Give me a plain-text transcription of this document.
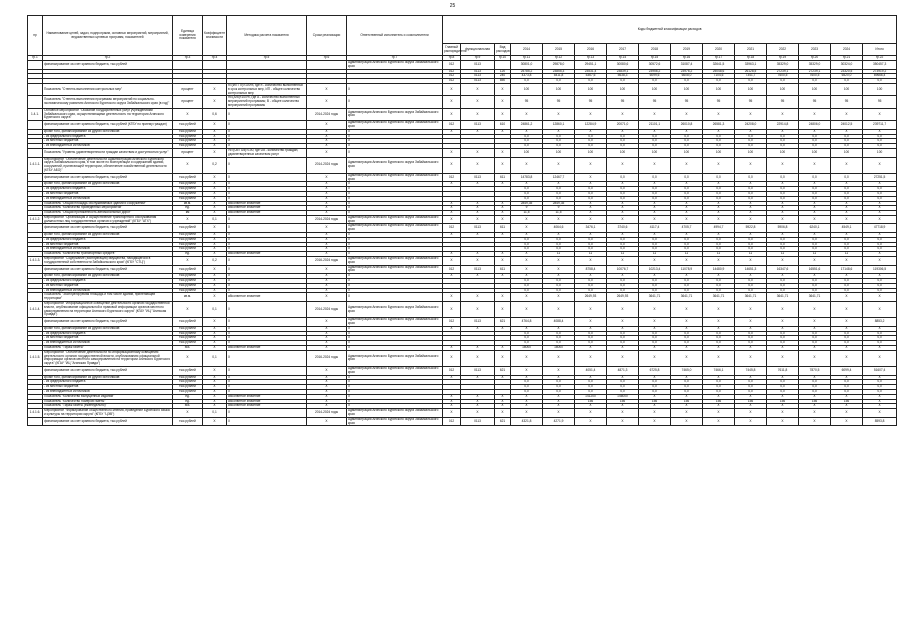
25
пр	Наименование целей, задач, подпрограмм, основных мероприятий, мероприятий, ведомственных целевых программ, показателей	Единица измерения показателя	Коэффициент значимости	Методика расчета показателя	Сроки реализации	Ответственный исполнитель и соисполнители	Коды бюджетной классификации расходов														
							Главный распорядитель	функциональная	Вид расходов	2014	2015	2016	2017	2018	2019	2020	2021	2022	2023	2024	Итого
гр.1	гр.2	гр.3	гр.4	гр.5	гр.6	гр.7	гр.8	гр.9	гр.10	гр.11	гр.12	гр.13	гр.14	гр.15	гр.16	гр.17	гр.18	гр.19	гр.20	гр.21	гр.22
	финансирование за счет краевого бюджета, тыс.рублей					Администрация Агинского Бурятского округа Забайкальского края	012	0113		30801,0	29878,0	29451,1	30080,6	30572,6	31087,4	32641,5	33963,1	35329,0	35329,0	30324,0	350457,3
							012	0113	120	25785,2	23855,3	23531,4	23839,1	23956,2	23976,2	25048,6	26128,5	27239,1	27239,1	23320,5	273919,2
							012	0113	240	4373,8	5411,8	5367,6	5638,3	6099,6	6608,0	7104,6	7341,7	7600,5	7600,5	6520,0	69666,4
							012	0113	850	0,0	0,0	0,0	0,0	0,0	0,0	0,0	0,0	0,0	0,0	0,0	0,0
	Показатель "Степень выполнения контрольных мер"	процент	X	n=(ИП / П)×100%, где п - количество выполненных в срок контрольных мер, ИП - общее количество контрольных мер	X	X	X	X	X	100	100	100	100	100	100	100	100	100	100	100	100
	Показатель "Степень выполнения программы мероприятий по социально-экономическому развитию Агинского Бурятского округа Забайкальского края (в год)"	процент	X	m=(A/B)×100%, где А - количество выполненных мероприятий программы; В - общее количество мероприятий программы	X	X	X	X	X	95	95	95	95	95	95	95	95	95	95	95	95
1.4.1.	Основное мероприятие "Оказание государственных услуг учреждениями Забайкальского края, осуществляющими деятельность на территории Агинского Бурятского округа"	X	0,6	X	2014-2024 годы	Администрация Агинского Бурятского округа Забайкальского края	X	X	X	X	X	X	X	X	X	X	X	X	X	X	X
	финансирование за счет краевого бюджета, тыс.рублей (КГБУ по приему граждан)	тыс.рублей	X	X	X	Администрация Агинского Бурятского округа Забайкальского края	012	0113	610	24861,2	12860,1	12284,9	20071,0	21101,1	26010,8	26581,3	24208,0	22914,8	24806,0	24012,5	239711,7
	кроме того, финансирование из других источников:	тыс.рублей	X	X	X	X	X	X	X	X	X	X	X	X	X	X	X	X	X	X	X
	- из федерального бюджета	тыс.рублей	X	X	X	X				0,0	0,0	0,0	0,0	0,0	0,0	0,0	0,0	0,0	0,0	0,0	0,0
	- из местных бюджетов	тыс.рублей	X	X	X	X				0,0	0,0	0,0	0,0	0,0	0,0	0,0	0,0	0,0	0,0	0,0	0,0
	- из внебюджетных источников	тыс.рублей	X	X	X	X				0,0	0,0	0,0	0,0	0,0	0,0	0,0	0,0	0,0	0,0	0,0	0,0
	Показатель "Уровень удовлетворенности граждан качеством и доступностью услуг"	процент	X	Ус=(Ud / Ud)×100, где Ud - количество граждан, удовлетворенных качеством услуг	X	X	X	X	X	100	100	100	100	100	100	100	100	100	100	100	100
1.4.1.1.	Мероприятие "Обеспечение деятельности Администрации Агинского Бурятского округа Забайкальского края, в том числе по эксплуатации и содержанию зданий, сооружений, прилегающей территории, обеспечение хозяйственной деятельности (КГБУ АБО)"	X	0,2	X	2014-2024 годы	Администрация Агинского Бурятского округа Забайкальского края	X	X	X	X	X	X	X	X	X	X	X	X	X	X	X
	финансирование за счет краевого бюджета, тыс.рублей	тыс.рублей	X	X	X	Администрация Агинского Бурятского округа Забайкальского края	012	0113	611	14783,8	12467,7	X	0,0	0,0	0,0	0,0	0,0	0,0	0,0	0,0	27251,5
	кроме того, финансирование из других источников:	тыс.рублей	X	X	X	X	X	X	X	X	X	X	X	X	X	X	X	X	X	X	X
	- из федерального бюджета	тыс.рублей	X	X	X	X				0,0	0,0	0,0	0,0	0,0	0,0	0,0	0,0	0,0	0,0	0,0	0,0
	- из местных бюджетов	тыс.рублей	X	X	X	X				0,0	0,0	0,0	0,0	0,0	0,0	0,0	0,0	0,0	0,0	0,0	0,0
	- из внебюджетных источников	тыс.рублей	X	X	X	X				0,0	0,0	0,0	0,0	0,0	0,0	0,0	0,0	0,0	0,0	0,0	0,0
	Показатель "Общая площадь обслуживаемых зданий и сооружений"	кв.м.	X	абсолютное значение	X	X	X	X	X	2849,35	2849,35	X	X	X	X	X	X	X	X	X	X
	Показатель "Количество проведенных мероприятий"	ед.	X	абсолютное значение	X	X	X	X	X	9	9	X	X	X	X	X	X	X	X	X	X
	Показатель "Общая протяженность автомобильных дорог"	км	X	абсолютное значение	X	X	X	X	X	11,5	11,5	X	X	X	X	X	X	X	X	X	X
1.4.1.2.	Мероприятие "Организация и осуществление транспортного обслуживания должностных лиц государственных органов и учреждений" (КГБУ "АТХ")	X	0,1	X	2014-2024 годы	Администрация Агинского Бурятского округа Забайкальского края	X	X	X	X	X	X	X	X	X	X	X	X	X	X	X
	финансирование за счет краевого бюджета, тыс.рублей	тыс.рублей	X	X	X	Администрация Агинского Бурятского округа Забайкальского края	012	0113	611	X	4064,6	3476,1	3740,6	4117,4	4705,7	4994,7	5922,8	5906,8	6240,1	4549,1	47718,9
	кроме того, финансирование из других источников:	тыс.рублей	X	X	X	X	X	X	X	X	X	X	X	X	X	X	X	X	X	X	X
	- из федерального бюджета	тыс.рублей	X	X	X	X				0,0	0,0	0,0	0,0	0,0	0,0	0,0	0,0	0,0	0,0	0,0	0,0
	- из местных бюджетов	тыс.рублей	X	X	X	X				0,0	0,0	0,0	0,0	0,0	0,0	0,0	0,0	0,0	0,0	0,0	0,0
	- из внебюджетных источников	тыс.рублей	X	X	X	X				0,0	0,0	0,0	0,0	0,0	0,0	0,0	0,0	0,0	0,0	0,0	0,0
	Показатель "Количество транспортных средств"	ед.	X	абсолютное значение	X	X	X	X	X	X	11	11	11	11	11	11	11	11	11	11	X
1.4.1.3.	Мероприятие "Содержание (эксплуатация) имущества, находящегося в государственной собственности Забайкальского края" (КГБУ "СТЦ")	X	0,2	X	2016-2024 годы	Администрация Агинского Бурятского округа Забайкальского края	X	X	X	X	X	X	X	X	X	X	X	X	X	X	X
	финансирование за счет краевого бюджета, тыс.рублей	тыс.рублей	X	X	X	Администрация Агинского Бурятского округа Забайкальского края	012	0113	611	X	X	8758,4	10076,7	10213,4	11078,9	14480,9	14651,3	16347,6	16551,6	17148,6	119306,5
	кроме того, финансирование из других источников:	тыс.рублей	X	X	X	X	X	X	X	X	X	X	X	X	X	X	X	X	X	X	X
	- из федерального бюджета	тыс.рублей	X	X	X	X				0,0	0,0	0,0	0,0	0,0	0,0	0,0	0,0	0,0	0,0	0,0	0,0
	- из местных бюджетов	тыс.рублей	X	X	X	X				0,0	0,0	0,0	0,0	0,0	0,0	0,0	0,0	0,0	0,0	0,0	0,0
	- из внебюджетных источников	тыс.рублей	X	X	X	X				0,0	0,0	0,0	0,0	0,0	0,0	0,0	0,0	0,0	0,0	0,0	0,0
	Показатель "Эксплуатируемая площадь и том числе зданий, прилегающей территории"	кв.м.	X	абсолютное значение	X	X	X	X	X	X	X	2649,93	2649,93	3641,71	3641,71	3641,71	3641,71	3641,71	3641,71	X	X
1.4.1.4.	Мероприятие "Информационное освещение деятельности органов государственной власти, опубликование официальной и правовой информации органов местного самоуправления на территории Агинского Бурятского округа" (КГАУ "ИЦ "Агинская Правда")	X	0,1	X	2014-2024 годы	Администрация Агинского Бурятского округа Забайкальского края	X	X	X	X	X	X	X	X	X	X	X	X	X	X	X
	финансирование за счет краевого бюджета, тыс.рублей	тыс.рублей	X	X	X	Администрация Агинского Бурятского округа Забайкальского края	012	0113	621	4764,8	4088,4	X	X	X	X	X	X	X	X	X	8853,2
	кроме того, финансирование из других источников:	тыс.рублей	X	X	X	X	X	X	X	X	X	X	X	X	X	X	X	X	X	X	X
	- из федерального бюджета	тыс.рублей	X	X	X	X				0,0	0,0	0,0	0,0	0,0	0,0	0,0	0,0	0,0	0,0	0,0	0,0
	- из местных бюджетов	тыс.рублей	X	X	X	X				0,0	0,0	0,0	0,0	0,0	0,0	0,0	0,0	0,0	0,0	0,0	0,0
	- из внебюджетных источников	тыс.рублей	X	X	X	X				0,0	0,0	0,0	0,0	0,0	0,0	0,0	0,0	0,0	0,0	0,0	0,0
	Показатель "Тираж газеты"	экз.	X	абсолютное значение	X	X	X	X	X	16000	16000	X	X	X	X	X	X	X	X	X	X
1.4.1.5.	Мероприятие "Обеспечение деятельности по информационному освещению деятельности органов государственной власти, опубликованию официальной информации органов местного самоуправления на территории Агинского Бурятского округа" (КГАУ "ИЦ "Агинская Правда")	X	0,1	X	2016-2024 годы	Администрация Агинского Бурятского округа Забайкальского края	X	X	X	X	X	X	X	X	X	X	X	X	X	X	X
	финансирование за счет краевого бюджета, тыс.рублей	тыс.рублей	X	X	X	Администрация Агинского Бурятского округа Забайкальского края	012	0113	621	X	X	4051,4	4871,3	6725,8	7465,0	7466,1	7445,8	7611,8	7870,5	6099,4	51607,4
	кроме того, финансирование из других источников:	тыс.рублей	X	X	X	X	X	X	X	X	X	X	X	X	X	X	X	X	X	X	X
	- из федерального бюджета	тыс.рублей	X	X	X	X				0,0	0,0	0,0	0,0	0,0	0,0	0,0	0,0	0,0	0,0	0,0	0,0
	- из местных бюджетов	тыс.рублей	X	X	X	X				0,0	0,0	0,0	0,0	0,0	0,0	0,0	0,0	0,0	0,0	0,0	0,0
	- из внебюджетных источников	тыс.рублей	X	X	X	X				0,0	0,0	0,0	0,0	0,0	0,0	0,0	0,0	0,0	0,0	0,0	0,0
	Показатель "Количество выпущенных изданий"	ед.	X	абсолютное значение	X	X	X	X	X	X	X	141200	146000	X	X	X	X	X	X	X	X
	Показатель "Количество номеров газеты"	ед.	X	абсолютное значение	X	X	X	X	X	X	X	156	156	156	156	156	156	156	156	156	X
	Показатель "Тираж газеты (еженедельно)"	экз.	X	абсолютное значение	X	X	X	X	X	X	X	X	X	X	X	X	X	X	X	X	X
1.4.1.6.	Мероприятие "Формирование общественного мнения, проведение Бурятского языка и культуры на территории округа" (КГБУ "ЦЭВ")	X	0,1	X	2014-2024 годы	Администрация Агинского Бурятского округа Забайкальского края	X	X	X	X	X	X	X	X	X	X	X	X	X	X	X
	финансирование за счет краевого бюджета, тыс.рублей	тыс.рублей	X	X	X	Администрация Агинского Бурятского округа Забайкальского края	012	0113	621	4321,8	4271,9	X	X	X	X	X	X	X	X	X	8593,8
